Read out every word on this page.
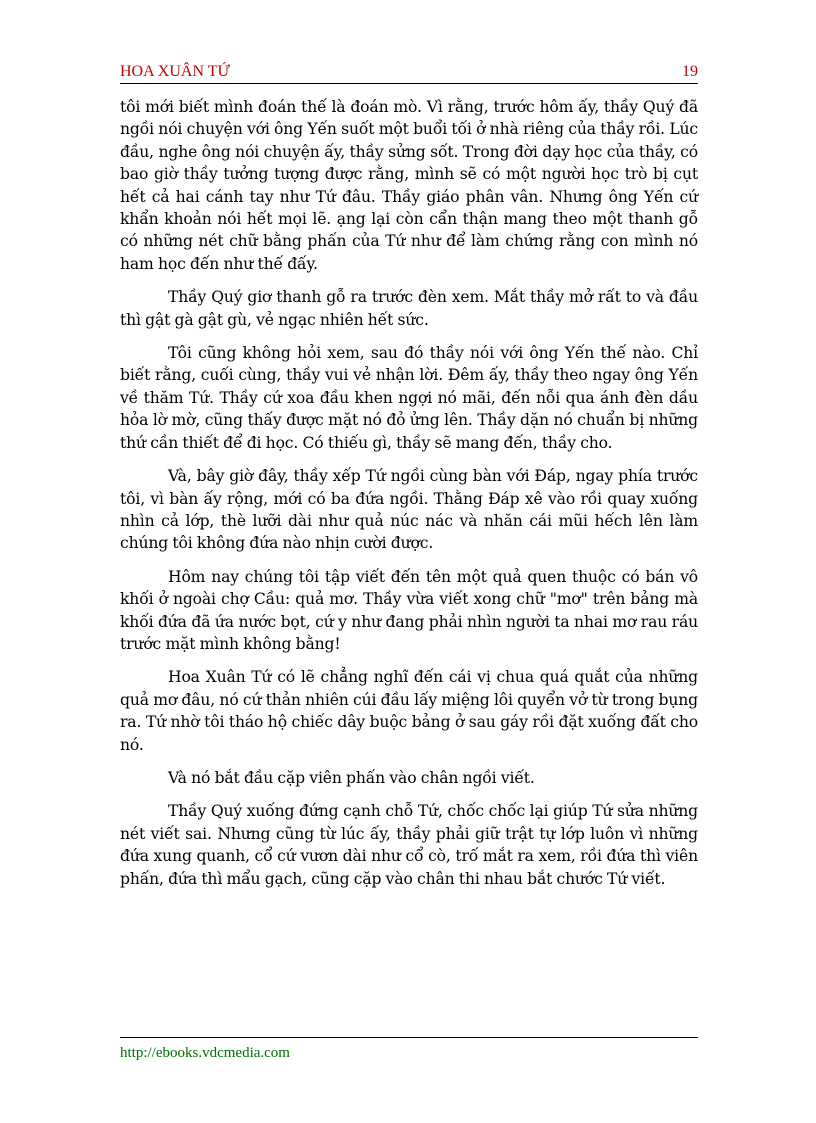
HOA XUÂN TỨ	19

tôi mới biết mình đoán thế là đoán mò. Vì rằng, trước hôm ấy, thầy Quý đã ngồi nói chuyện với ông Yến suốt một buổi tối ở nhà riêng của thầy rồi. Lúc đầu, nghe ông nói chuyện ấy, thầy sửng sốt. Trong đời dạy học của thầy, có bao giờ thầy tưởng tượng được rằng, mình sẽ có một người học trò bị cụt hết cả hai cánh tay như Tứ đâu. Thầy giáo phân vân. Nhưng ông Yến cứ khẩn khoản nói hết mọi lẽ. ạng lại còn cẩn thận mang theo một thanh gỗ có những nét chữ bằng phấn của Tứ như để làm chứng rằng con mình nó ham học đến như thế đấy.

Thầy Quý giơ thanh gỗ ra trước đèn xem. Mắt thầy mở rất to và đầu thì gật gà gật gù, vẻ ngạc nhiên hết sức.

Tôi cũng không hỏi xem, sau đó thầy nói với ông Yến thế nào. Chỉ biết rằng, cuối cùng, thầy vui vẻ nhận lời. Đêm ấy, thầy theo ngay ông Yến về thăm Tứ. Thầy cứ xoa đầu khen ngợi nó mãi, đến nỗi qua ánh đèn dầu hỏa lờ mờ, cũng thấy được mặt nó đỏ ửng lên. Thầy dặn nó chuẩn bị những thứ cần thiết để đi học. Có thiếu gì, thầy sẽ mang đến, thầy cho.

Và, bây giờ đây, thầy xếp Tứ ngồi cùng bàn với Đáp, ngay phía trước tôi, vì bàn ấy rộng, mới có ba đứa ngồi. Thằng Đáp xê vào rồi quay xuống nhìn cả lớp, thè lưỡi dài như quả núc nác và nhăn cái mũi hếch lên làm chúng tôi không đứa nào nhịn cười được.

Hôm nay chúng tôi tập viết đến tên một quả quen thuộc có bán vô khối ở ngoài chợ Cầu: quả mơ. Thầy vừa viết xong chữ "mơ" trên bảng mà khối đứa đã ứa nước bọt, cứ y như đang phải nhìn người ta nhai mơ rau ráu trước mặt mình không bằng!

Hoa Xuân Tứ có lẽ chẳng nghĩ đến cái vị chua quá quắt của những quả mơ đâu, nó cứ thản nhiên cúi đầu lấy miệng lôi quyển vở từ trong bụng ra. Tứ nhờ tôi tháo hộ chiếc dây buộc bảng ở sau gáy rồi đặt xuống đất cho nó.

Và nó bắt đầu cặp viên phấn vào chân ngồi viết.

Thầy Quý xuống đứng cạnh chỗ Tứ, chốc chốc lại giúp Tứ sửa những nét viết sai. Nhưng cũng từ lúc ấy, thầy phải giữ trật tự lớp luôn vì những đứa xung quanh, cổ cứ vươn dài như cổ cò, trố mắt ra xem, rồi đứa thì viên phấn, đứa thì mẩu gạch, cũng cặp vào chân thi nhau bắt chước Tứ viết.

http://ebooks.vdcmedia.com
